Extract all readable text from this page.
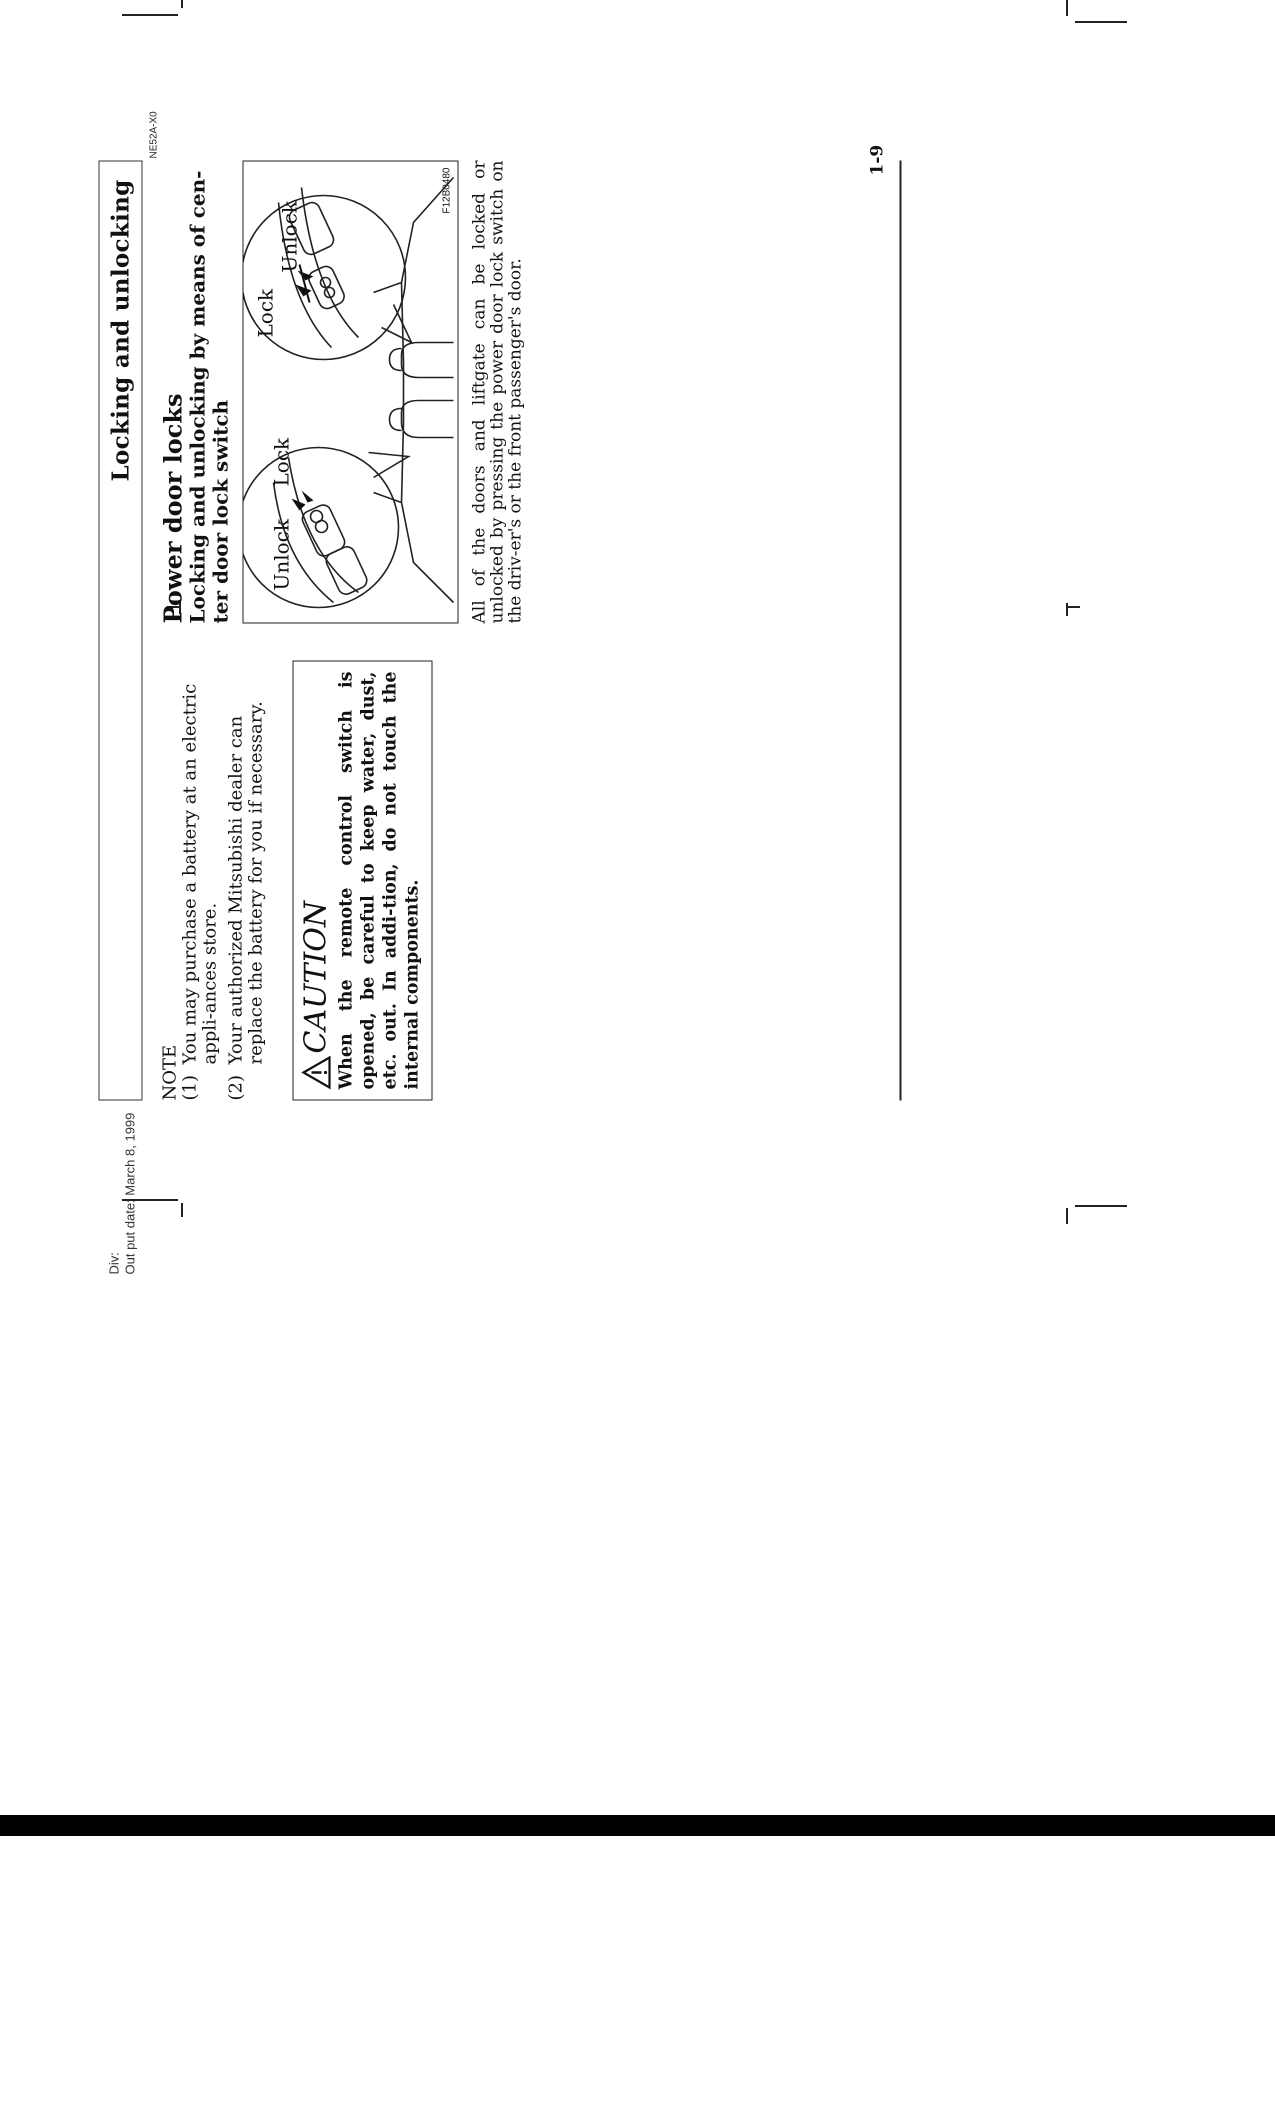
Div: Out put date: March 8, 1999
Locking and unlocking
NE52A-X0
NOTE (1)
You may purchase a battery at an electric appli-ances store.
(2)
Your authorized Mitsubishi dealer can replace the battery for you if necessary. CAUTION When the remote control switch is opened, be careful to keep water, dust, etc. out. In addi-tion, do not touch the internal components.
Power door locks
Locking and unlocking by means of cen-ter door lock switch Unlock
Lock
Lock
Unlock
F12B0480 All of the doors and liftgate can be locked or unlocked by pressing the power door lock switch on the driv-er's or the front passenger's door.
1-9
